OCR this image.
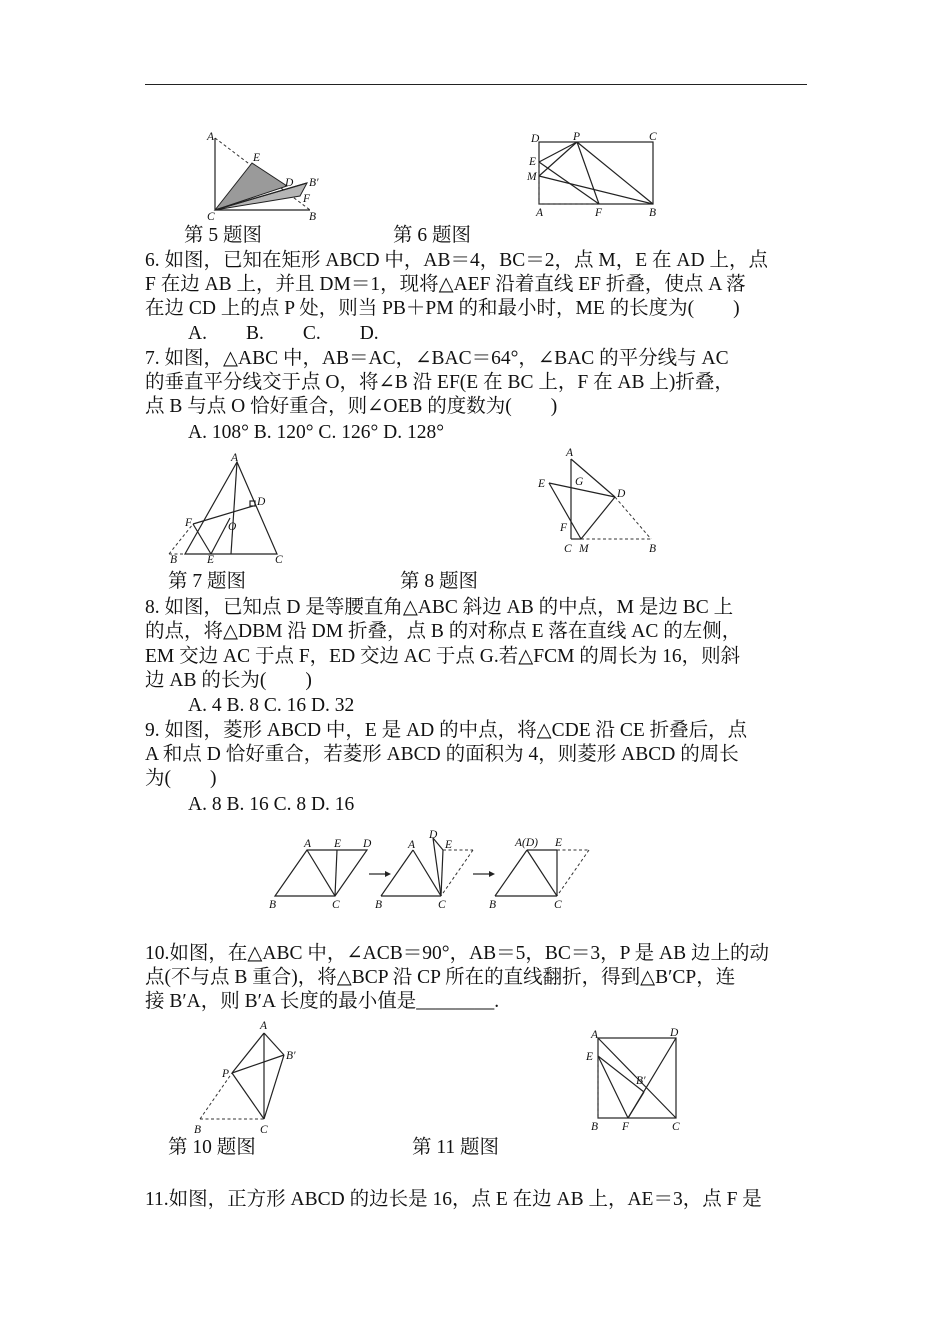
A
E
D B′
F
C	B
D	P	C
E
M
A	F	B
第 5 题图	第 6 题图
6. 如图，已知在矩形 ABCD 中，AB＝4，BC＝2，点 M，E 在 AD 上，点
F 在边 AB 上，并且 DM＝1，现将△AEF 沿着直线 EF 折叠，使点 A 落
在边 CD 上的点 P 处，则当 PB＋PM 的和最小时，ME 的长度为(　　)
A.　　B.　　C.　　D.
7. 如图，△ABC 中，AB＝AC，∠BAC＝64°，∠BAC 的平分线与 AC
的垂直平分线交于点 O，将∠B 沿 EF(E 在 BC 上，F 在 AB 上)折叠，
点 B 与点 O 恰好重合，则∠OEB 的度数为(　　)
A. 108° B. 120° C. 126° D. 128°
A
D
F	O
B	E	C
A
E	G
D
F
C M	B
第 7 题图	第 8 题图
8. 如图，已知点 D 是等腰直角△ABC 斜边 AB 的中点，M 是边 BC 上
的点，将△DBM 沿 DM 折叠，点 B 的对称点 E 落在直线 AC 的左侧，
EM 交边 AC 于点 F，ED 交边 AC 于点 G.若△FCM 的周长为 16，则斜
边 AB 的长为(　　)
A. 4 B. 8 C. 16 D. 32
9. 如图，菱形 ABCD 中，E 是 AD 的中点，将△CDE 沿 CE 折叠后，点
A 和点 D 恰好重合，若菱形 ABCD 的面积为 4，则菱形 ABCD 的周长
为(　　)
A. 8 B. 16 C. 8 D. 16
A E D
B	C
A
D
E
B	C
A(D) E
B	C
10.如图，在△ABC 中，∠ACB＝90°，AB＝5，BC＝3，P 是 AB 边上的动
点(不与点 B 重合)，将△BCP 沿 CP 所在的直线翻折，得到△B′CP，连
接 B′A，则 B′A 长度的最小值是________.
A
B′
P
B	C
A	D
E
B′
B F	C
第 10 题图	第 11 题图
11.如图，正方形 ABCD 的边长是 16，点 E 在边 AB 上，AE＝3，点 F 是
